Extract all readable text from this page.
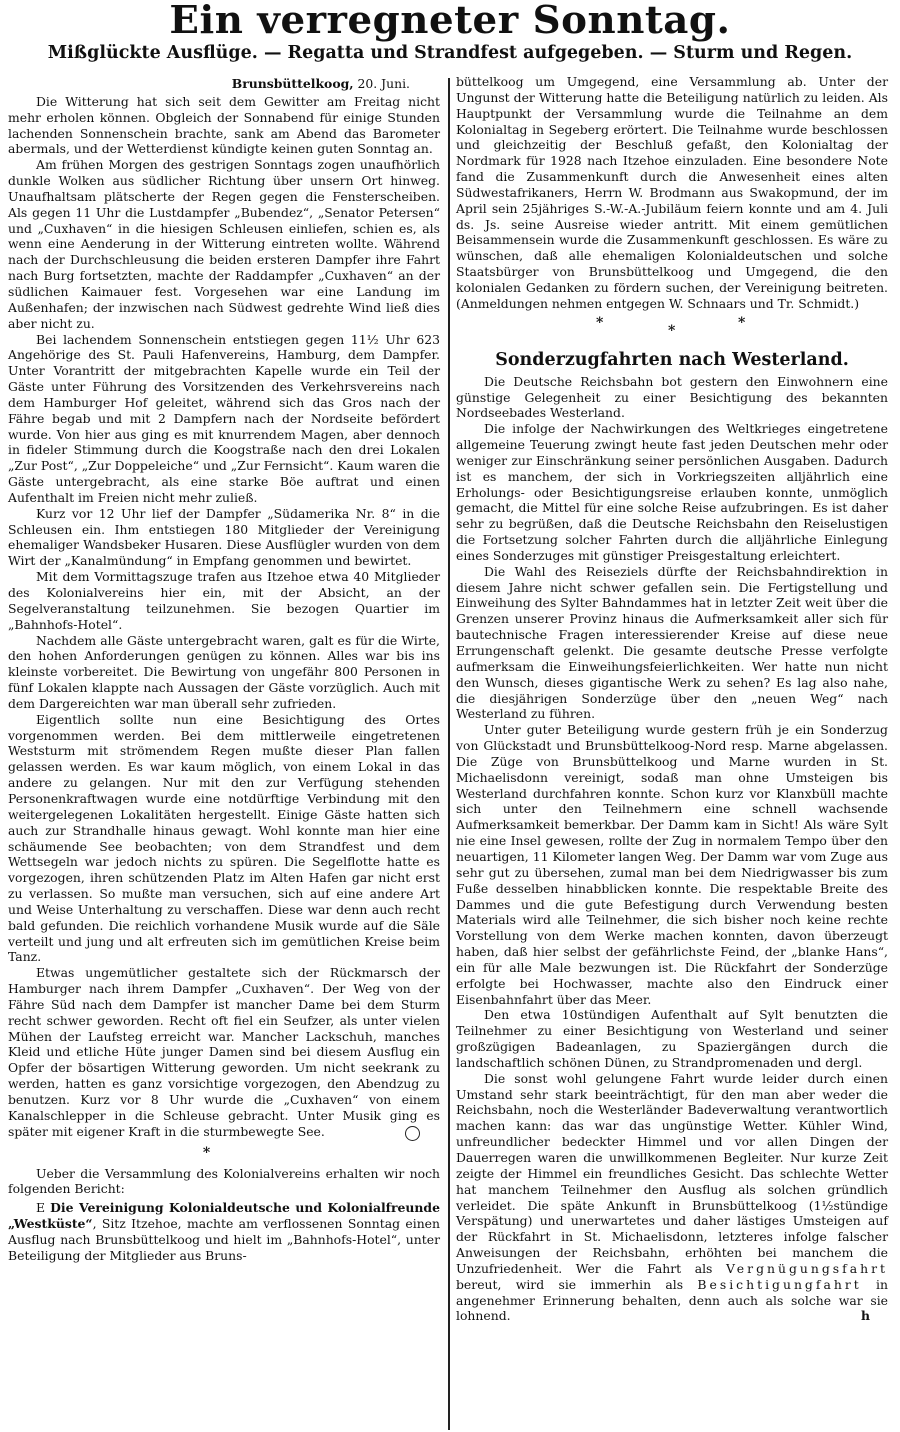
Ein verregneter Sonntag.
Mißglückte Ausflüge. — Regatta und Strandfest aufgegeben. — Sturm und Regen.
Brunsbüttelkoog, 20. Juni.

Die Witterung hat sich seit dem Gewitter am Freitag nicht mehr erholen können. Obgleich der Sonnabend für einige Stunden lachenden Sonnenschein brachte, sank am Abend das Barometer abermals, und der Wetterdienst kündigte keinen guten Sonntag an.

Am frühen Morgen des gestrigen Sonntags zogen unaufhörlich dunkle Wolken aus südlicher Richtung über unsern Ort hinweg. Unaufhaltsam plätscherte der Regen gegen die Fensterscheiben. Als gegen 11 Uhr die Lustdampfer „Bubendez“, „Senator Petersen“ und „Cuxhaven“ in die hiesigen Schleusen einliefen, schien es, als wenn eine Aenderung in der Witterung eintreten wollte. Während nach der Durchschleusung die beiden ersteren Dampfer ihre Fahrt nach Burg fortsetzten, machte der Raddampfer „Cuxhaven“ an der südlichen Kaimauer fest. Vorgesehen war eine Landung im Außenhafen; der inzwischen nach Südwest gedrehte Wind ließ dies aber nicht zu.

Bei lachendem Sonnenschein entstiegen gegen 11½ Uhr 623 Angehörige des St. Pauli Hafenvereins, Hamburg, dem Dampfer. Unter Vorantritt der mitgebrachten Kapelle wurde ein Teil der Gäste unter Führung des Vorsitzenden des Verkehrsvereins nach dem Hamburger Hof geleitet, während sich das Gros nach der Fähre begab und mit 2 Dampfern nach der Nordseite befördert wurde. Von hier aus ging es mit knurrendem Magen, aber dennoch in fideler Stimmung durch die Koogstraße nach den drei Lokalen „Zur Post“, „Zur Doppeleiche“ und „Zur Fernsicht“. Kaum waren die Gäste untergebracht, als eine starke Böe auftrat und einen Aufenthalt im Freien nicht mehr zuließ.

Kurz vor 12 Uhr lief der Dampfer „Südamerika Nr. 8“ in die Schleusen ein. Ihm entstiegen 180 Mitglieder der Vereinigung ehemaliger Wandsbeker Husaren. Diese Ausflügler wurden von dem Wirt der „Kanalmündung“ in Empfang genommen und bewirtet.

Mit dem Vormittagszuge trafen aus Itzehoe etwa 40 Mitglieder des Kolonialvereins hier ein, mit der Absicht, an der Segelveranstaltung teilzunehmen. Sie bezogen Quartier im „Bahnhofs-Hotel“.

Nachdem alle Gäste untergebracht waren, galt es für die Wirte, den hohen Anforderungen genügen zu können. Alles war bis ins kleinste vorbereitet. Die Bewirtung von ungefähr 800 Personen in fünf Lokalen klappte nach Aussagen der Gäste vorzüglich. Auch mit dem Dargereichten war man überall sehr zufrieden.

Eigentlich sollte nun eine Besichtigung des Ortes vorgenommen werden. Bei dem mittlerweile eingetretenen Weststurm mit strömendem Regen mußte dieser Plan fallen gelassen werden. Es war kaum möglich, von einem Lokal in das andere zu gelangen. Nur mit den zur Verfügung stehenden Personenkraftwagen wurde eine notdürftige Verbindung mit den weitergelegenen Lokalitäten hergestellt. Einige Gäste hatten sich auch zur Strandhalle hinaus gewagt. Wohl konnte man hier eine schäumende See beobachten; von dem Strandfest und dem Wettsegeln war jedoch nichts zu spüren. Die Segelflotte hatte es vorgezogen, ihren schützenden Platz im Alten Hafen gar nicht erst zu verlassen. So mußte man versuchen, sich auf eine andere Art und Weise Unterhaltung zu verschaffen. Diese war denn auch recht bald gefunden. Die reichlich vorhandene Musik wurde auf die Säle verteilt und jung und alt erfreuten sich im gemütlichen Kreise beim Tanz.

Etwas ungemütlicher gestaltete sich der Rückmarsch der Hamburger nach ihrem Dampfer „Cuxhaven“. Der Weg von der Fähre Süd nach dem Dampfer ist mancher Dame bei dem Sturm recht schwer geworden. Recht oft fiel ein Seufzer, als unter vielen Mühen der Laufsteg erreicht war. Mancher Lackschuh, manches Kleid und etliche Hüte junger Damen sind bei diesem Ausflug ein Opfer der bösartigen Witterung geworden. Um nicht seekrank zu werden, hatten es ganz vorsichtige vorgezogen, den Abendzug zu benutzen. Kurz vor 8 Uhr wurde die „Cuxhaven“ von einem Kanalschlepper in die Schleuse gebracht. Unter Musik ging es später mit eigener Kraft in die sturmbewegte See.

*

Ueber die Versammlung des Kolonialvereins erhalten wir noch folgenden Bericht:

E Die Vereinigung Kolonialdeutsche und Kolonialfreunde „Westküste“, Sitz Itzehoe, machte am verflossenen Sonntag einen Ausflug nach Brunsbüttelkoog und hielt im „Bahnhofs-Hotel“, unter Beteiligung der Mitglieder aus Bruns-

büttelkoog um Umgegend, eine Versammlung ab. Unter der Ungunst der Witterung hatte die Beteiligung natürlich zu leiden. Als Hauptpunkt der Versammlung wurde die Teilnahme an dem Kolonialtag in Segeberg erörtert. Die Teilnahme wurde beschlossen und gleichzeitig der Beschluß gefaßt, den Kolonialtag der Nordmark für 1928 nach Itzehoe einzuladen. Eine besondere Note fand die Zusammenkunft durch die Anwesenheit eines alten Südwestafrikaners, Herrn W. Brodmann aus Swakopmund, der im April sein 25jähriges S.-W.-A.-Jubiläum feiern konnte und am 4. Juli ds. Js. seine Ausreise wieder antritt. Mit einem gemütlichen Beisammensein wurde die Zusammenkunft geschlossen. Es wäre zu wünschen, daß alle ehemaligen Kolonialdeutschen und solche Staatsbürger von Brunsbüttelkoog und Umgegend, die den kolonialen Gedanken zu fördern suchen, der Vereinigung beitreten. (Anmeldungen nehmen entgegen W. Schnaars und Tr. Schmidt.)

*	*	*
Sonderzugfahrten nach Westerland.

Die Deutsche Reichsbahn bot gestern den Einwohnern eine günstige Gelegenheit zu einer Besichtigung des bekannten Nordseebades Westerland.

Die infolge der Nachwirkungen des Weltkrieges eingetretene allgemeine Teuerung zwingt heute fast jeden Deutschen mehr oder weniger zur Einschränkung seiner persönlichen Ausgaben. Dadurch ist es manchem, der sich in Vorkriegszeiten alljährlich eine Erholungs- oder Besichtigungsreise erlauben konnte, unmöglich gemacht, die Mittel für eine solche Reise aufzubringen. Es ist daher sehr zu begrüßen, daß die Deutsche Reichsbahn den Reiselustigen die Fortsetzung solcher Fahrten durch die alljährliche Einlegung eines Sonderzuges mit günstiger Preisgestaltung erleichtert.

Die Wahl des Reiseziels dürfte der Reichsbahndirektion in diesem Jahre nicht schwer gefallen sein. Die Fertigstellung und Einweihung des Sylter Bahndammes hat in letzter Zeit weit über die Grenzen unserer Provinz hinaus die Aufmerksamkeit aller sich für bautechnische Fragen interessierender Kreise auf diese neue Errungenschaft gelenkt. Die gesamte deutsche Presse verfolgte aufmerksam die Einweihungsfeierlichkeiten. Wer hatte nun nicht den Wunsch, dieses gigantische Werk zu sehen? Es lag also nahe, die diesjährigen Sonderzüge über den „neuen Weg“ nach Westerland zu führen.

Unter guter Beteiligung wurde gestern früh je ein Sonderzug von Glückstadt und Brunsbüttelkoog-Nord resp. Marne abgelassen. Die Züge von Brunsbüttelkoog und Marne wurden in St. Michaelisdonn vereinigt, sodaß man ohne Umsteigen bis Westerland durchfahren konnte. Schon kurz vor Klanxbüll machte sich unter den Teilnehmern eine schnell wachsende Aufmerksamkeit bemerkbar. Der Damm kam in Sicht! Als wäre Sylt nie eine Insel gewesen, rollte der Zug in normalem Tempo über den neuartigen, 11 Kilometer langen Weg. Der Damm war vom Zuge aus sehr gut zu übersehen, zumal man bei dem Niedrigwasser bis zum Fuße desselben hinabblicken konnte. Die respektable Breite des Dammes und die gute Befestigung durch Verwendung besten Materials wird alle Teilnehmer, die sich bisher noch keine rechte Vorstellung von dem Werke machen konnten, davon überzeugt haben, daß hier selbst der gefährlichste Feind, der „blanke Hans“, ein für alle Male bezwungen ist. Die Rückfahrt der Sonderzüge erfolgte bei Hochwasser, machte also den Eindruck einer Eisenbahnfahrt über das Meer.

Den etwa 10stündigen Aufenthalt auf Sylt benutzten die Teilnehmer zu einer Besichtigung von Westerland und seiner großzügigen Badeanlagen, zu Spaziergängen durch die landschaftlich schönen Dünen, zu Strandpromenaden und dergl.

Die sonst wohl gelungene Fahrt wurde leider durch einen Umstand sehr stark beeinträchtigt, für den man aber weder die Reichsbahn, noch die Westerländer Badeverwaltung verantwortlich machen kann: das war das ungünstige Wetter. Kühler Wind, unfreundlicher bedeckter Himmel und vor allen Dingen der Dauerregen waren die unwillkommenen Begleiter. Nur kurze Zeit zeigte der Himmel ein freundliches Gesicht. Das schlechte Wetter hat manchem Teilnehmer den Ausflug als solchen gründlich verleidet. Die späte Ankunft in Brunsbüttelkoog (1½stündige Verspätung) und unerwartetes und daher lästiges Umsteigen auf der Rückfahrt in St. Michaelisdonn, letzteres infolge falscher Anweisungen der Reichsbahn, erhöhten bei manchem die Unzufriedenheit. Wer die Fahrt als Vergnügungsfahrt bereut, wird sie immerhin als Besichtigungfahrt in angenehmer Erinnerung behalten, denn auch als solche war sie lohnend.	h
